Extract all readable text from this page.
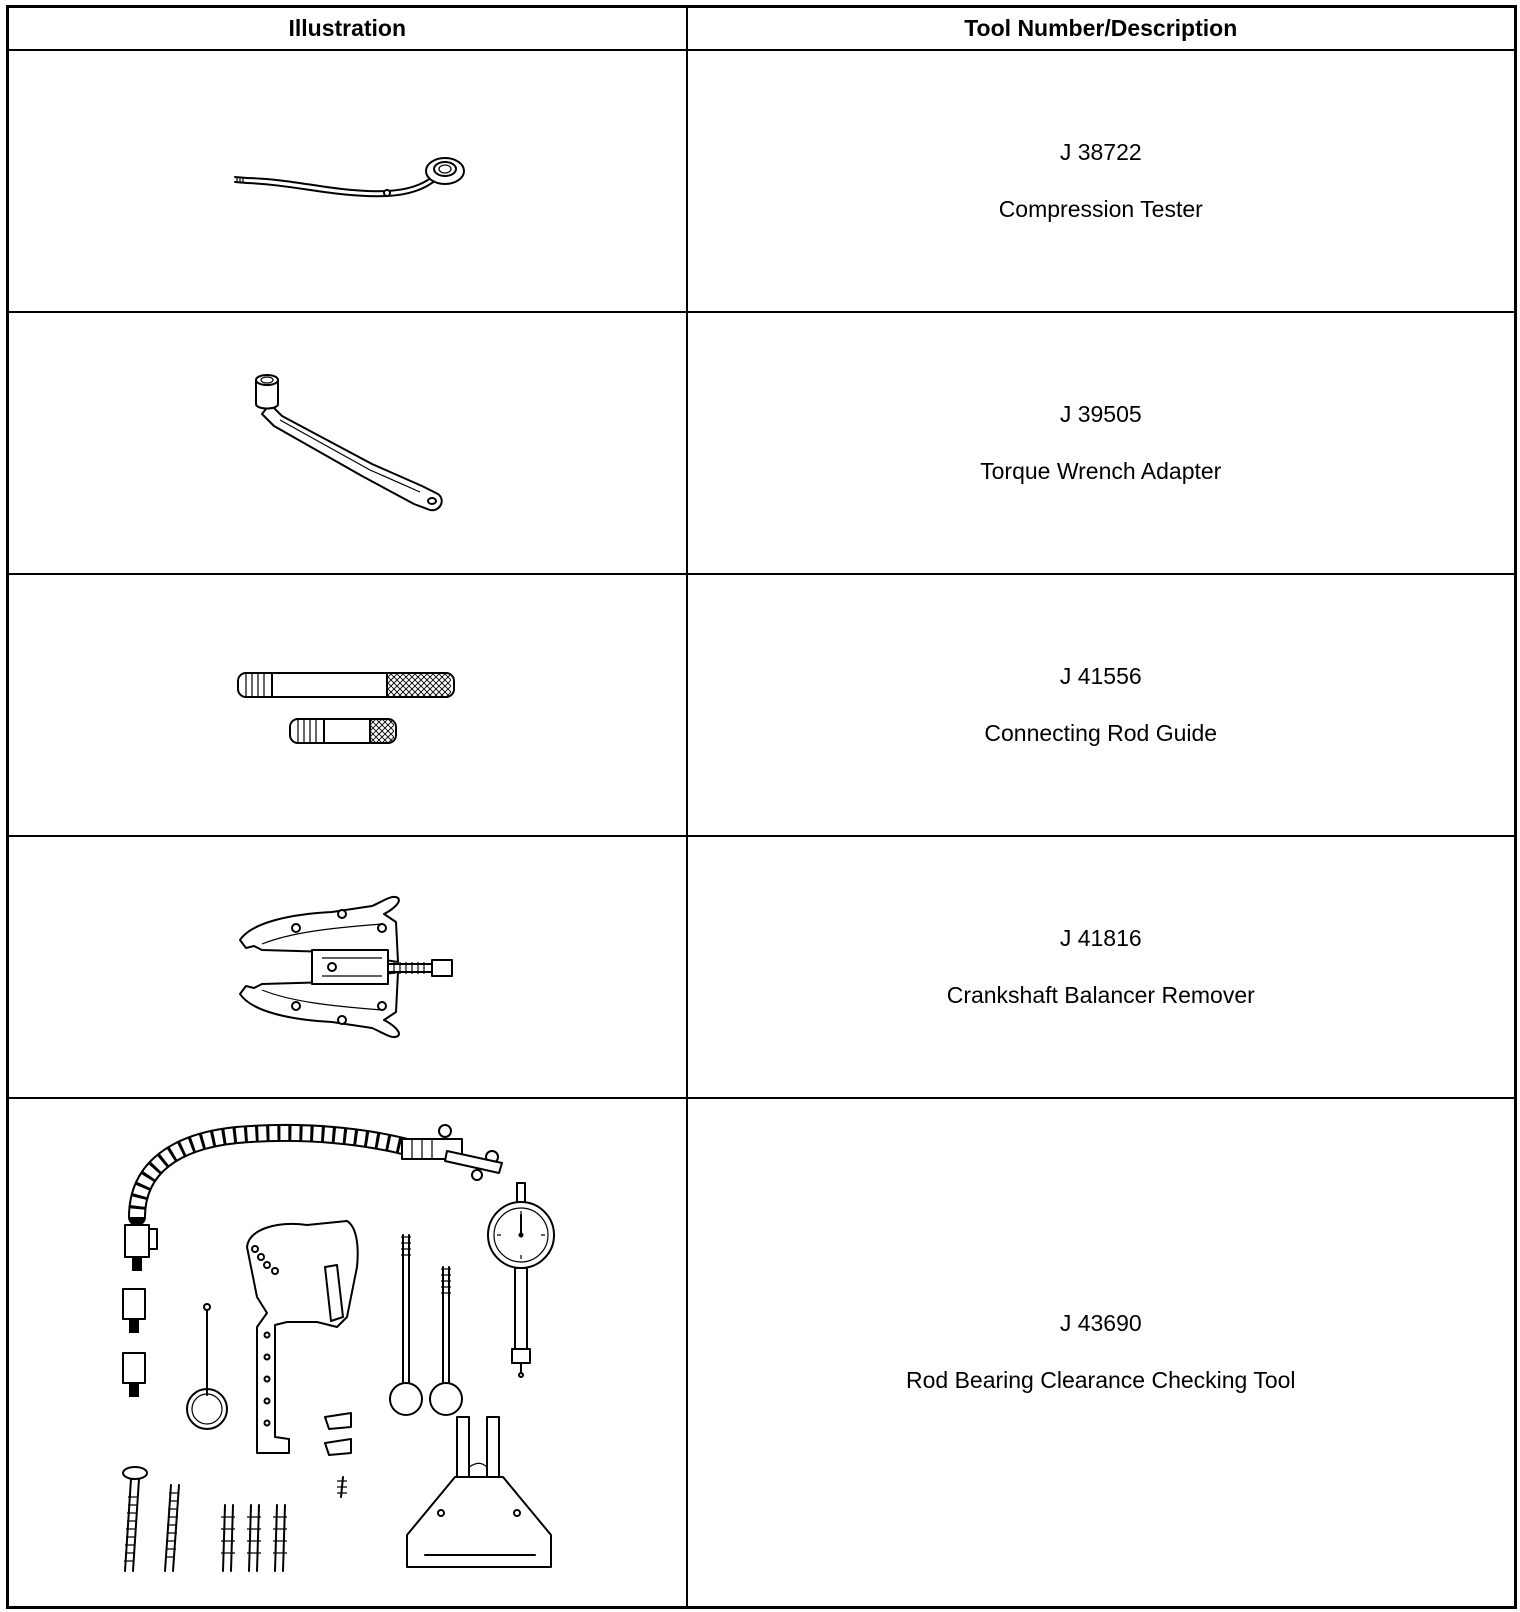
Illustration	Tool Number/Description

J 38722
Compression Tester

J 39505
Torque Wrench Adapter

J 41556
Connecting Rod Guide

J 41816
Crankshaft Balancer Remover

J 43690
Rod Bearing Clearance Checking Tool
